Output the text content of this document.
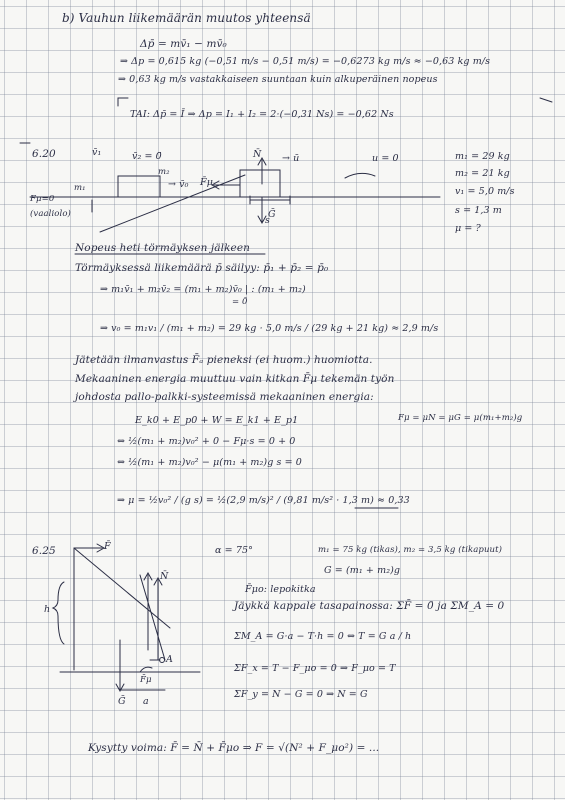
b) Vauhun liikemäärän muutos yhteensä
Δp̄ = mv̄₁ − mv̄₀
⇒ Δp = 0,615 kg (−0,51 m/s − 0,51 m/s) = −0,6273 kg m/s ≈ −0,63 kg m/s
⇒ 0,63 kg m/s vastakkaiseen suuntaan kuin alkuperäinen nopeus
TAI: Δp̄ = Ī ⇒ Δp = I₁ + I₂ = 2·(−0,31 Ns) = −0,62 Ns
6.20	v̄₁	v̄₂ = 0̄
→ v̄₀ F̄μ
N̄ → ū	u = 0
m₁
m₂
Ḡ
s
Fμ=0
(vaaliolo)
m₁ = 29 kg
m₂ = 21 kg
v₁ = 5,0 m/s
s = 1,3 m
μ = ?
Nopeus heti törmäyksen jälkeen
Törmäyksessä liikemäärä p̄ säilyy: p̄₁ + p̄₂ = p̄₀
⇒ m₁v̄₁ + m₂v̄₂ = (m₁ + m₂)v̄₀ | : (m₁ + m₂)
= 0̄
⇒ v₀ = m₁v₁ / (m₁ + m₂) = 29 kg · 5,0 m/s / (29 kg + 21 kg) ≈ 2,9 m/s
Jätetään ilmanvastus F̄ₐ pieneksi (ei huom.) huomiotta.
Mekaaninen energia muuttuu vain kitkan F̄μ tekemän työn
johdosta pallo-palkki-systeemissä mekaaninen energia:
E_k0 + E_p0 + W = E_k1 + E_p1	Fμ = μN = μG = μ(m₁+m₂)g
⇔ ½(m₁ + m₂)v₀² + 0 − Fμ·s = 0 + 0
⇔ ½(m₁ + m₂)v₀² − μ(m₁ + m₂)g s = 0
⇒ μ = ½v₀² / (g s) = ½(2,9 m/s)² / (9,81 m/s² · 1,3 m) ≈ 0,33
6.25	F̄
N̄
F̄μ
A
Ḡ a
h
α = 75°	m₁ = 75 kg (tikas), m₂ = 3,5 kg (tikapuut)
G = (m₁ + m₂)g
F̄μo: lepokitka
Jäykkä kappale tasapainossa: ΣF̄ = 0̄ ja ΣM_A = 0
ΣM_A = G·a − T·h = 0 ⇔ T = G a / h
ΣF_x = T − F_μo = 0 ⇒ F_μo = T
ΣF_y = N − G = 0 ⇒ N = G
Kysytty voima: F̄ = N̄ + F̄μo ⇒ F = √(N² + F_μo²) = ...
